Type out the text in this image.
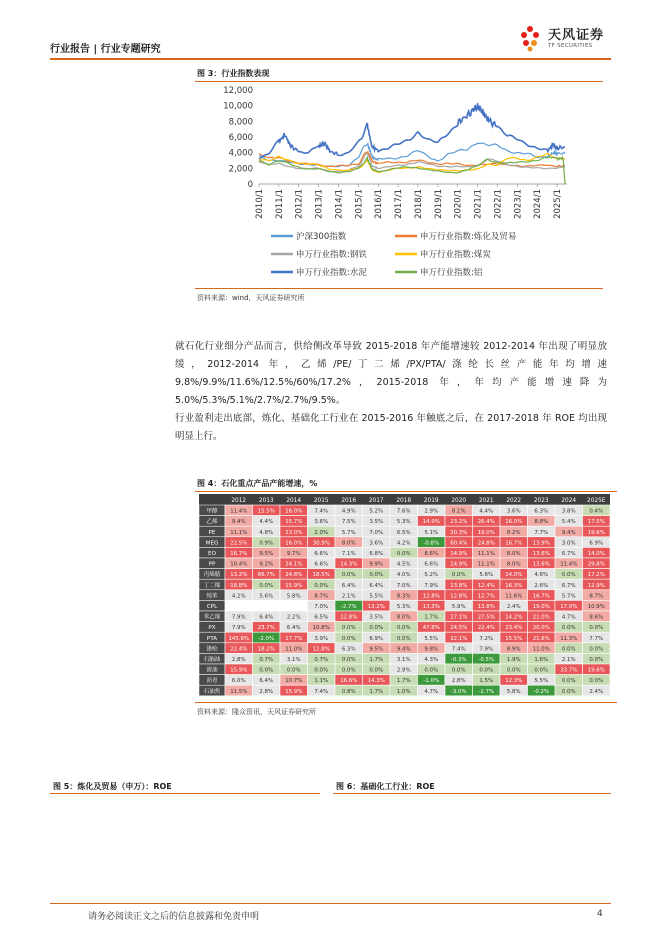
行业报告 | 行业专题研究
天风证券
TF SECURITIES
图 3：行业指数表现
12,000
10,000
8,000
6,000
4,000
2,000
0
2010/1 2011/1 2012/1 2013/1 2014/1 2015/1 2016/1 2017/1 2018/1 2019/1 2020/1 2021/1 2022/1 2023/1 2024/1 2025/1
沪深300指数	申万行业指数:炼化及贸易
申万行业指数:钢铁	申万行业指数:煤炭
申万行业指数:水泥	申万行业指数:铝
资料来源：wind，天风证券研究所
就石化行业细分产品而言，供给侧改革导致 2015-2018 年产能增速较 2012-2014 年出现了明显放缓，2012-2014 年，乙烯/PE/丁二烯/PX/PTA/涤纶长丝产能年均增速 9.8%/9.9%/11.6%/12.5%/60%/17.2%，2015-2018 年，年均产能增速降为 5.0%/5.3%/5.1%/2.7%/2.7%/9.5%。
行业盈利走出底部，炼化、基础化工行业在 2015-2016 年触底之后，在 2017-2018 年 ROE 均出现明显上行。
图 4：石化重点产品产能增速，%
2012 2013 2014 2015 2016 2017 2018 2019 2020 2021 2022 2023 2024 2025E
甲醇 11.4% 15.5% 16.0% 7.4%	4.9%	5.2%	7.6%	2.9%	8.1%	4.4%	3.6%	6.3%	3.8%	0.4%
乙烯	9.4%	4.4% 15.7% 3.6%	7.5%	3.5%	5.3% 14.9% 23.2% 26.4% 16.0% 8.8%	5.4% 17.5%
PE	11.1% 4.8% 13.0% 2.0%	5.7%	7.0%	6.5%	5.1% 20.3% 19.0% 8.2%	7.7%	9.4% 19.6%
MEG 22.5% 0.9% 16.0% 30.9% 8.0%	3.6%	4.2% -0.8% 60.4% 24.8% 16.7% 13.9% 3.0%	6.9%
EO	16.7% 9.5%	9.7%	6.6%	7.1%	6.8%	0.0%	8.6% 14.9% 11.1% 8.0% 13.6% 6.7% 14.0%
PP	10.4% 9.2% 24.1% 6.6% 14.3% 9.9%	4.5%	6.6% 14.9% 11.1% 8.0% 13.6% 11.4% 29.8%
丙烯腈 13.2% 66.7% 24.8% 18.5% 0.0%	0.0%	4.0%	5.2%	0.0%	5.6% 14.0% 4.6%	0.0% 17.2%
丁二烯 18.8% 0.0% 15.9% 0.0%	6.4%	6.4%	7.0%	7.9% 13.8% 12.4% 16.3% 2.6%	6.7% 12.9%
纯苯	4.2%	5.6%	5.8%	8.7%	2.1%	5.5%	8.3% 12.8% 12.8% 12.7% 11.6% 16.7% 5.7%	8.7%
CPL	7.0% -2.7% 13.2% 5.3% 13.3% 5.9% 13.8% 2.4% 19.0% 17.0% 10.9%
苯乙烯 7.9%	6.4%	2.2%	6.5% 12.8% 3.5%	8.0%	1.7% 27.1% 27.5% 14.2% 21.0% 4.7%	8.6%
PX	7.9% 23.7% 6.4% 10.8% 0.0%	0.0%	0.0% 47.8% 24.5% 22.4% 23.4% 20.0% 0.0%	0.0%
PTA 145.6% -2.0% 17.7% 3.9%	0.0%	6.9%	0.0%	5.5% 22.1% 7.2% 15.5% 21.6% 11.3% 7.7%
涤纶 22.4% 18.2% 11.0% 12.8% 6.3%	9.5%	9.4%	9.8%	7.4%	7.9%	8.9% 11.0% 0.0%	0.0%
石脑油 2.8%	0.7%	3.1%	0.7%	0.0%	1.7%	3.1%	4.3% -0.3% -0.5% 1.9%	1.6%	2.1%	0.0%
渣油 15.9% 0.0%	0.0%	0.0%	0.0%	0.0%	2.9%	0.0%	0.0%	0.0%	0.0%	0.0% 33.7% 19.6%
沥青	6.0%	6.4% 10.7% 1.1% 16.6% 14.3% 1.7% -1.0% 2.8%	1.5% 12.3% 5.5%	0.0%	0.0%
石油焦 11.5% 2.8% 15.9% 7.4%	0.8%	1.7%	1.0%	4.7% -3.0% -2.7% 5.8% -0.2% 0.0%	2.4%
资料来源：隆众资讯，天风证券研究所
图 5：炼化及贸易（申万）：ROE	图 6：基础化工行业：ROE
请务必阅读正文之后的信息披露和免责申明	4
